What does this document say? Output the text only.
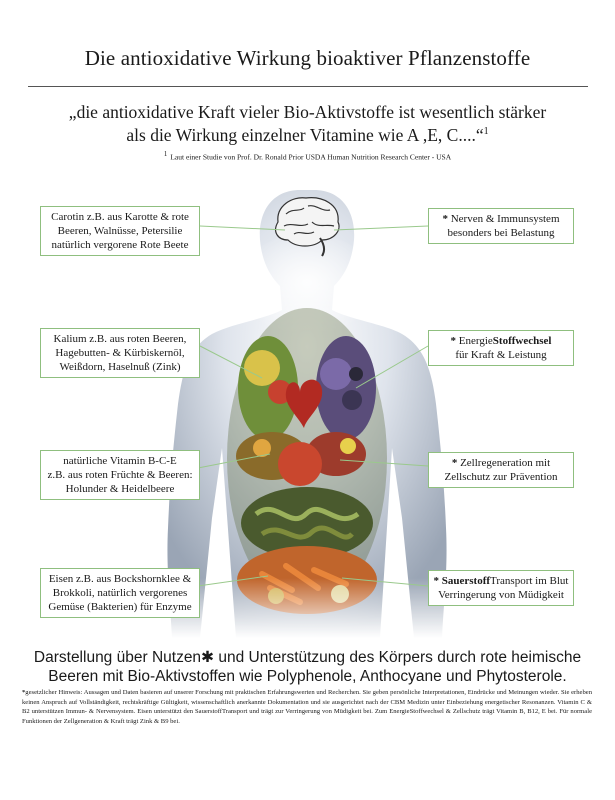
Die antioxidative Wirkung bioaktiver Pflanzenstoffe
„die antioxidative Kraft vieler Bio-Aktivstoffe ist wesentlich stärker
als die Wirkung einzelner Vitamine wie A ,E, C....“$^1$
$^1$ Laut einer Studie von Prof. Dr. Ronald Prior USDA Human Nutrition Research Center - USA
Carotin z.B. aus Karotte & rote
Beeren, Walnüsse, Petersilie
natürlich vergorene Rote Beete
Kalium z.B. aus roten Beeren,
Hagebutten- & Kürbiskernöl,
Weißdorn, Haselnuß (Zink)
natürliche Vitamin B-C-E
z.B. aus roten Früchte & Beeren:
Holunder & Heidelbeere
Eisen z.B. aus Bockshornklee &
Brokkoli, natürlich vergorenes
Gemüse (Bakterien) für Enzyme
* Nerven & Immunsystem
besonders bei Belastung
* EnergieStoffwechsel
für Kraft & Leistung
* Zellregeneration mit
Zellschutz zur Prävention
* SauerstoffTransport im Blut
Verringerung von Müdigkeit
Darstellung über Nutzen✱ und Unterstützung des Körpers durch rote heimische
Beeren mit Bio-Aktivstoffen wie Polyphenole, Anthocyane und Phytosterole.
*gesetzlicher Hinweis: Aussagen und Daten basieren auf unserer Forschung mit praktischen Erfahrungswerten und Recherchen. Sie geben persönliche Interpretationen, Eindrücke und Meinungen wieder. Sie erheben keinen Anspruch auf Vollständigkeit, rechtskräftige Gültigkeit, wissenschaftlich anerkannte Dokumentation und sie ausgerichtet nach der CBM Medizin unter Einbeziehung energetischer Resonanzen. Vitamin C & B2 unterstützen Immun- & Nervensystem. Eisen unterstützt den SauerstoffTransport und trägt zur Verringerung von Müdigkeit bei. Zum EnergieStoffwechsel & Zellschutz trägt Vitamin B, B12, E bei. Für normale Funktionen der Zellgeneration & Kraft trägt Zink & B9 bei.
